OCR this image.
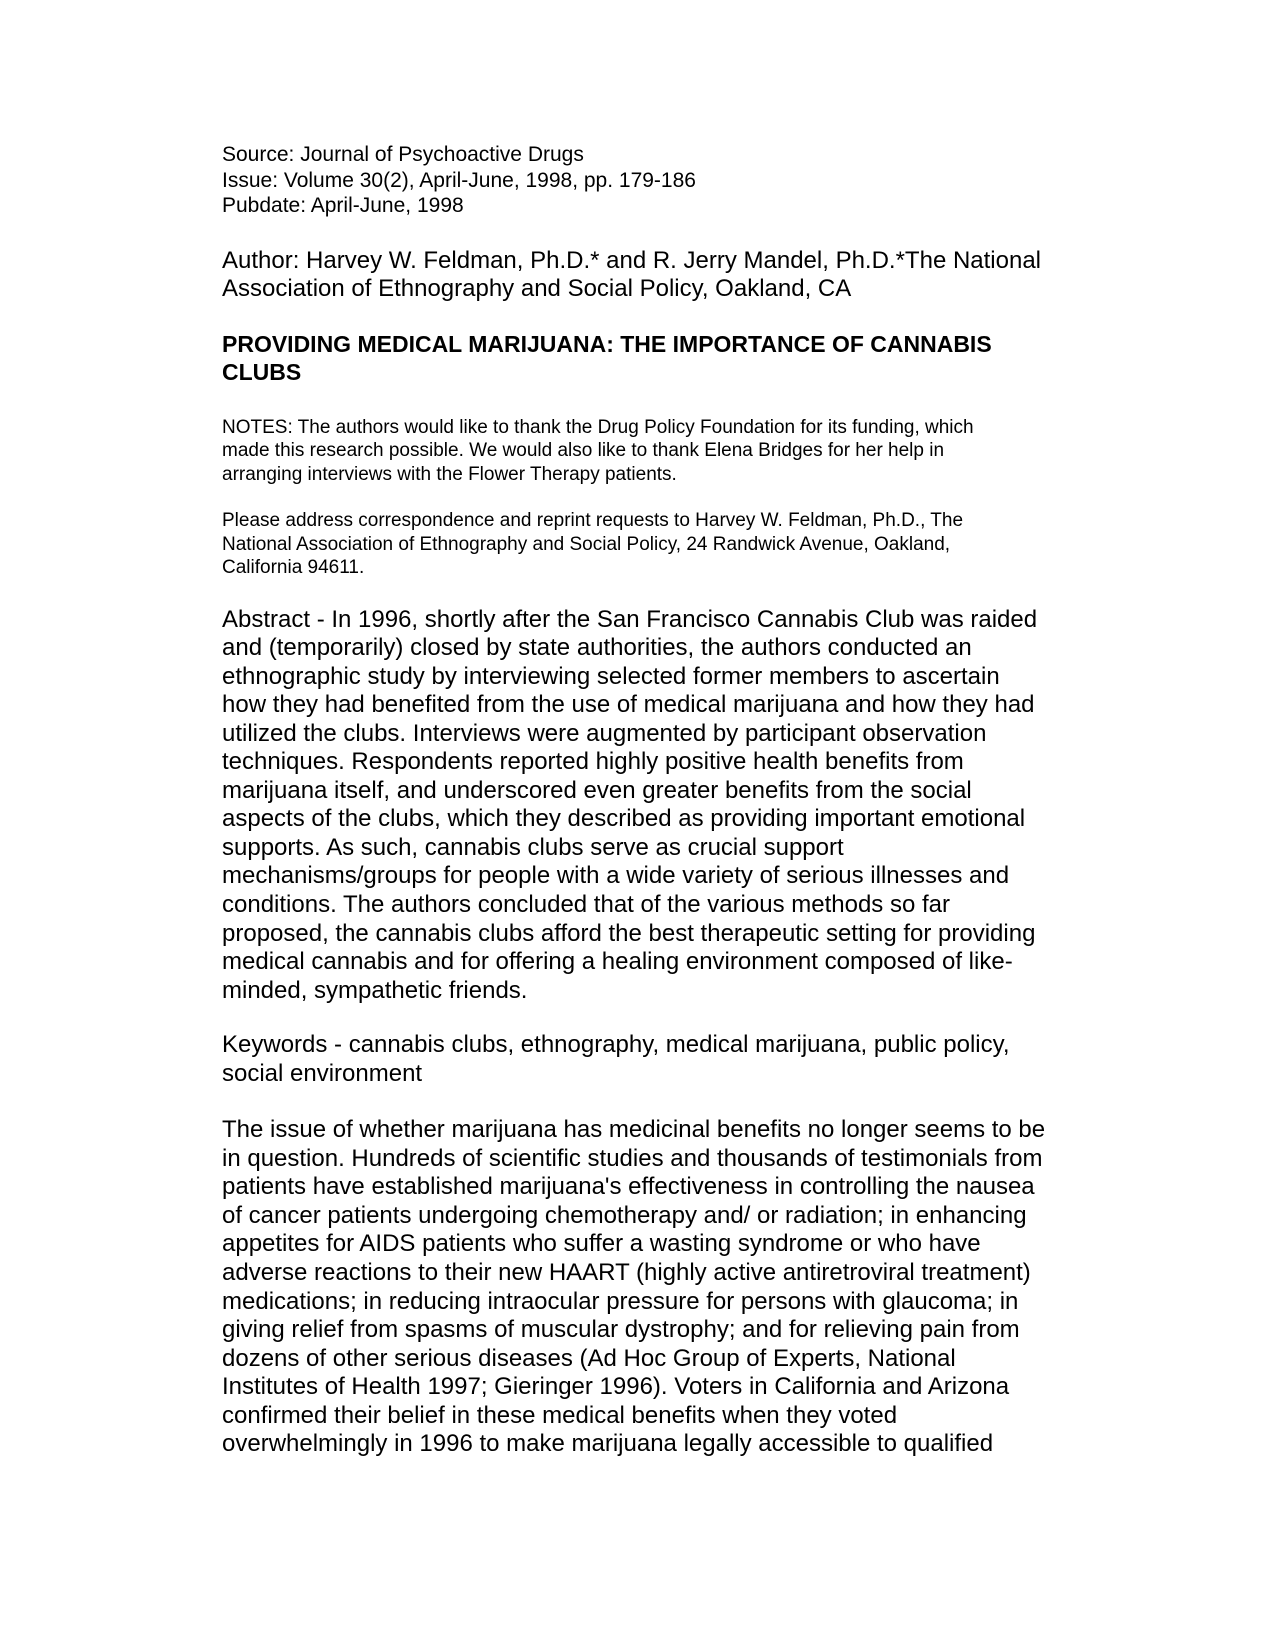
Source: Journal of Psychoactive Drugs

Issue: Volume 30(2), April-June, 1998, pp. 179-186

Pubdate: April-June, 1998

Author: Harvey W. Feldman, Ph.D.* and R. Jerry Mandel, Ph.D.*The National
Association of Ethnography and Social Policy, Oakland, CA

PROVIDING MEDICAL MARIJUANA: THE IMPORTANCE OF CANNABIS
CLUBS

NOTES: The authors would like to thank the Drug Policy Foundation for its funding, which
made this research possible. We would also like to thank Elena Bridges for her help in
arranging interviews with the Flower Therapy patients.

Please address correspondence and reprint requests to Harvey W. Feldman, Ph.D., The
National Association of Ethnography and Social Policy, 24 Randwick Avenue, Oakland,
California 94611.

Abstract - In 1996, shortly after the San Francisco Cannabis Club was raided
and (temporarily) closed by state authorities, the authors conducted an
ethnographic study by interviewing selected former members to ascertain
how they had benefited from the use of medical marijuana and how they had
utilized the clubs. Interviews were augmented by participant observation
techniques. Respondents reported highly positive health benefits from
marijuana itself, and underscored even greater benefits from the social
aspects of the clubs, which they described as providing important emotional
supports. As such, cannabis clubs serve as crucial support
mechanisms/groups for people with a wide variety of serious illnesses and
conditions. The authors concluded that of the various methods so far
proposed, the cannabis clubs afford the best therapeutic setting for providing
medical cannabis and for offering a healing environment composed of like-
minded, sympathetic friends.

Keywords - cannabis clubs, ethnography, medical marijuana, public policy,
social environment

The issue of whether marijuana has medicinal benefits no longer seems to be
in question. Hundreds of scientific studies and thousands of testimonials from
patients have established marijuana's effectiveness in controlling the nausea
of cancer patients undergoing chemotherapy and/ or radiation; in enhancing
appetites for AIDS patients who suffer a wasting syndrome or who have
adverse reactions to their new HAART (highly active antiretroviral treatment)
medications; in reducing intraocular pressure for persons with glaucoma; in
giving relief from spasms of muscular dystrophy; and for relieving pain from
dozens of other serious diseases (Ad Hoc Group of Experts, National
Institutes of Health 1997; Gieringer 1996). Voters in California and Arizona
confirmed their belief in these medical benefits when they voted
overwhelmingly in 1996 to make marijuana legally accessible to qualified
